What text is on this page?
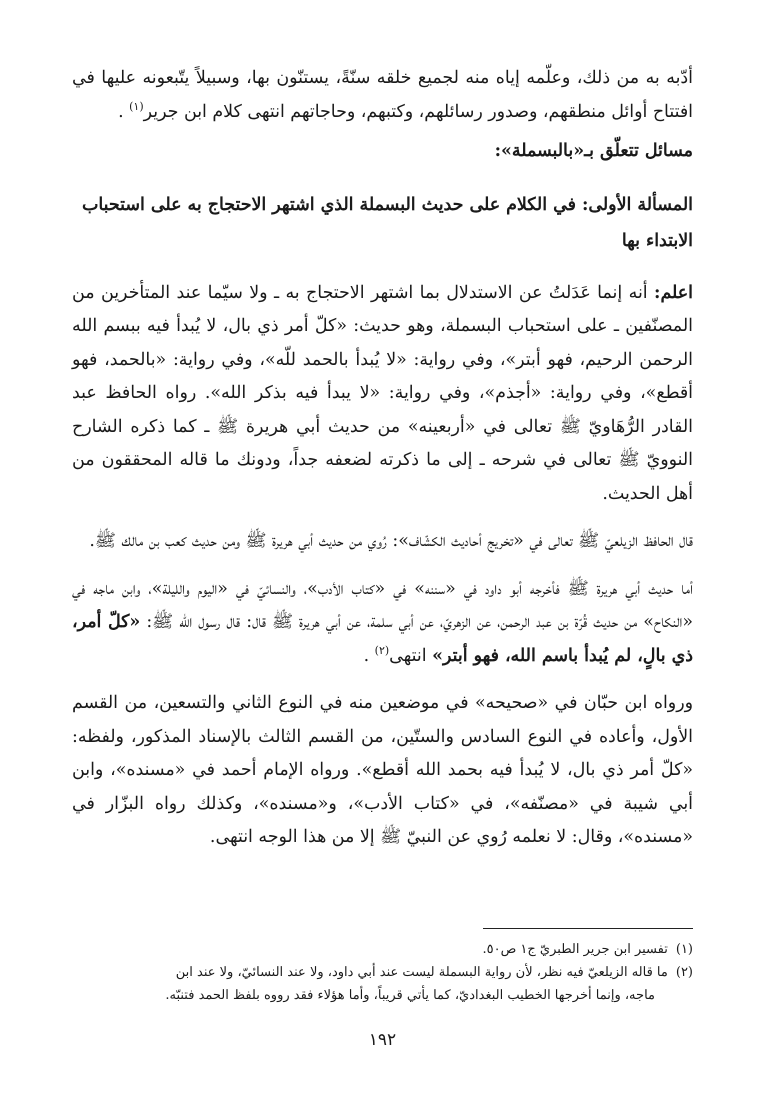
أدّبه به من ذلك، وعلّمه إياه منه لجميع خلقه سنّةً، يستنّون بها، وسبيلاً يتّبعونه عليها في افتتاح أوائل منطقهم، وصدور رسائلهم، وكتبهم، وحاجاتهم انتهى كلام ابن جرير$^{(١)}$ .

مسائل تتعلّق بـ«بالبسملة»:
المسألة الأولى: في الكلام على حديث البسملة الذي اشتهر الاحتجاج به على استحباب الابتداء بها

اعلم: أنه إنما عَدَلتُ عن الاستدلال بما اشتهر الاحتجاج به ـ ولا سيّما عند المتأخرين من المصنّفين ـ على استحباب البسملة، وهو حديث: «كلّ أمر ذي بال، لا يُبدأ فيه ببسم الله الرحمن الرحيم، فهو أبتر»، وفي رواية: «لا يُبدأ بالحمد للّه»، وفي رواية: «بالحمد، فهو أقطع»، وفي رواية: «أجذم»، وفي رواية: «لا يبدأ فيه بذكر الله». رواه الحافظ عبد القادر الرُّهَاويّ ﷺ تعالى في «أربعينه» من حديث أبي هريرة ﷺ ـ كما ذكره الشارح النوويّ ﷺ تعالى في شرحه ـ إلى ما ذكرته لضعفه جداً، ودونك ما قاله المحققون من أهل الحديث.

قال الحافظ الزيلعيّ ﷺ تعالى في «تخريج أحاديث الكشّاف»: رُوي من حديث أبي هريرة ﷺ ومن حديث كعب بن مالك ﷺ.

أما حديث أبي هريرة ﷺ فأخرجه أبو داود في «سننه» في «كتاب الأدب»، والنسائيّ في «اليوم والليلة»، وابن ماجه في «النكاح» من حديث قُرّة بن عبد الرحمن، عن الزهريّ، عن أبي سلمة، عن أبي هريرة ﷺ قال: قال رسول الله ﷺ: «كلّ أمر، ذي بالٍ، لم يُبدأ باسم الله، فهو أبتر» انتهى$^{(٢)}$ .

ورواه ابن حبّان في «صحيحه» في موضعين منه في النوع الثاني والتسعين، من القسم الأول، وأعاده في النوع السادس والستّين، من القسم الثالث بالإسناد المذكور، ولفظه: «كلّ أمر ذي بال، لا يُبدأ فيه بحمد الله أقطع». ورواه الإمام أحمد في «مسنده»، وابن أبي شيبة في «مصنّفه»، في «كتاب الأدب»، و«مسنده»، وكذلك رواه البزّار في «مسنده»، وقال: لا نعلمه رُوي عن النبيّ ﷺ إلا من هذا الوجه انتهى.

(١)تفسير ابن جرير الطبريّ ج١ ص٥٠.

(٢)ما قاله الزيلعيّ فيه نظر، لأن رواية البسملة ليست عند أبي داود، ولا عند النسائيّ، ولا عند ابن

ماجه، وإنما أخرجها الخطيب البغداديّ، كما يأتي قريباً، وأما هؤلاء فقد رووه بلفظ الحمد فتنبّه.

١٩٢
